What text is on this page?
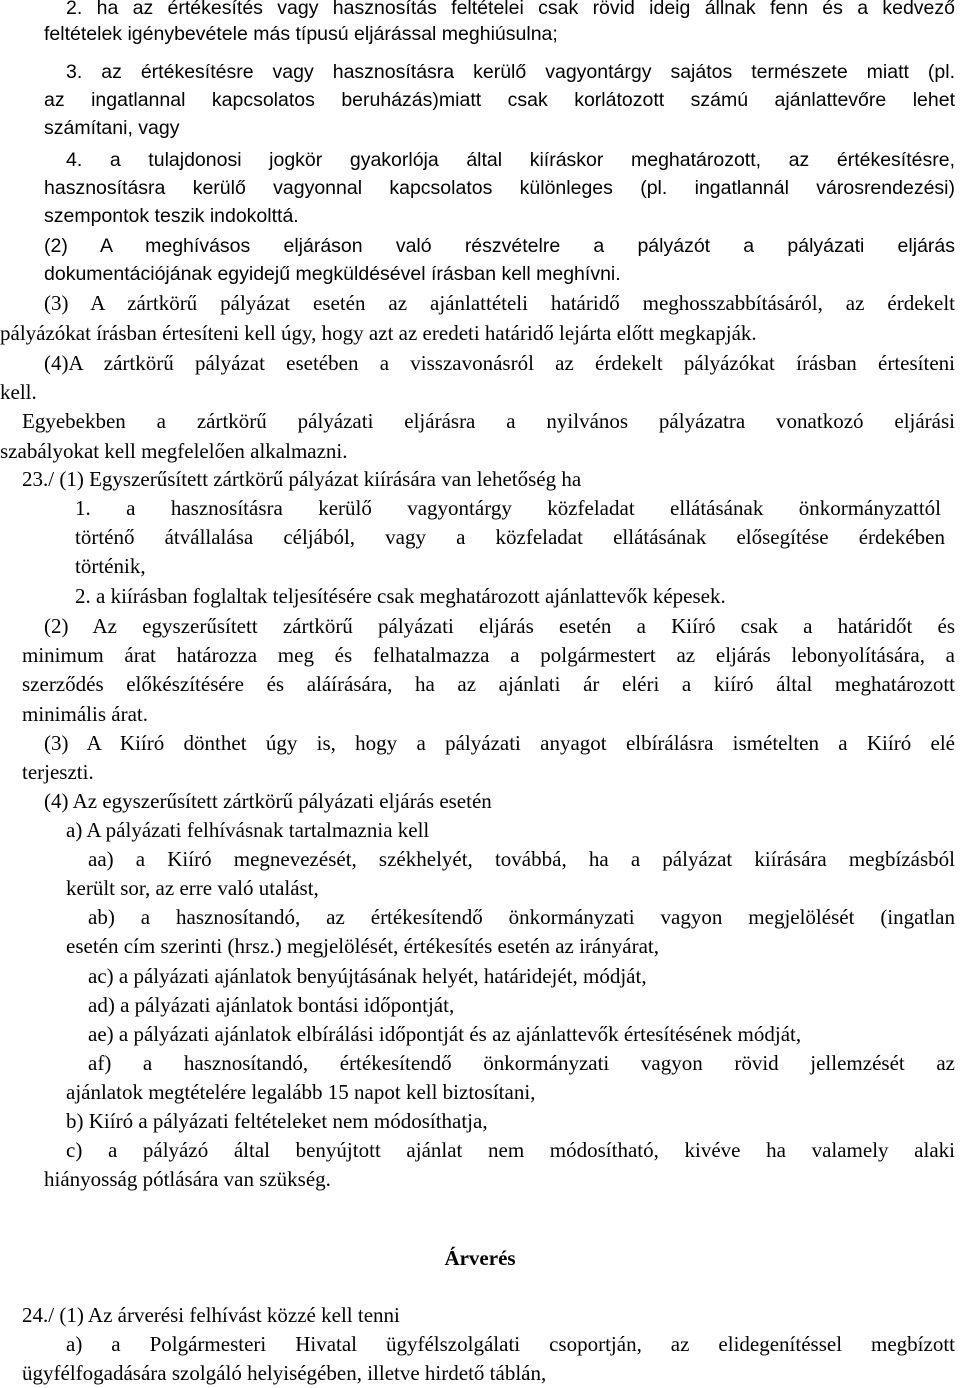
2. ha az értékesítés vagy hasznosítás feltételei csak rövid ideig állnak fenn és a kedvező
feltételek igénybevétele más típusú eljárással meghiúsulna;
3. az értékesítésre vagy hasznosításra kerülő vagyontárgy sajátos természete miatt (pl.
az ingatlannal kapcsolatos beruházás)miatt csak korlátozott számú ajánlattevőre lehet
számítani, vagy
4. a tulajdonosi jogkör gyakorlója által kiíráskor meghatározott, az értékesítésre,
hasznosításra kerülő vagyonnal kapcsolatos különleges (pl. ingatlannál városrendezési)
szempontok teszik indokolttá.
(2) A meghívásos eljáráson való részvételre a pályázót a pályázati eljárás
dokumentációjának egyidejű megküldésével írásban kell meghívni.
(3) A zártkörű pályázat esetén az ajánlattételi határidő meghosszabbításáról, az érdekelt
pályázókat írásban értesíteni kell úgy, hogy azt az eredeti határidő lejárta előtt megkapják.
(4)A zártkörű pályázat esetében a visszavonásról az érdekelt pályázókat írásban értesíteni
kell.
Egyebekben a zártkörű pályázati eljárásra a nyilvános pályázatra vonatkozó eljárási
szabályokat kell megfelelően alkalmazni.
23./ (1) Egyszerűsített zártkörű pályázat kiírására van lehetőség ha
1. a hasznosításra kerülő vagyontárgy közfeladat ellátásának önkormányzattól
történő átvállalása céljából, vagy a közfeladat ellátásának elősegítése érdekében
történik,
2. a kiírásban foglaltak teljesítésére csak meghatározott ajánlattevők képesek.
(2) Az egyszerűsített zártkörű pályázati eljárás esetén a Kiíró csak a határidőt és
minimum árat határozza meg és felhatalmazza a polgármestert az eljárás lebonyolítására, a
szerződés előkészítésére és aláírására, ha az ajánlati ár eléri a kiíró által meghatározott
minimális árat.
(3) A Kiíró dönthet úgy is, hogy a pályázati anyagot elbírálásra ismételten a Kiíró elé
terjeszti.
(4) Az egyszerűsített zártkörű pályázati eljárás esetén
a) A pályázati felhívásnak tartalmaznia kell
aa) a Kiíró megnevezését, székhelyét, továbbá, ha a pályázat kiírására megbízásból
került sor, az erre való utalást,
ab) a hasznosítandó, az értékesítendő önkormányzati vagyon megjelölését (ingatlan
esetén cím szerinti (hrsz.) megjelölését, értékesítés esetén az irányárat,
ac) a pályázati ajánlatok benyújtásának helyét, határidejét, módját,
ad) a pályázati ajánlatok bontási időpontját,
ae) a pályázati ajánlatok elbírálási időpontját és az ajánlattevők értesítésének módját,
af) a hasznosítandó, értékesítendő önkormányzati vagyon rövid jellemzését az
ajánlatok megtételére legalább 15 napot kell biztosítani,
b) Kiíró a pályázati feltételeket nem módosíthatja,
c) a pályázó által benyújtott ajánlat nem módosítható, kivéve ha valamely alaki
hiányosság pótlására van szükség.
Árverés
24./ (1) Az árverési felhívást közzé kell tenni
a) a Polgármesteri Hivatal ügyfélszolgálati csoportján, az elidegenítéssel megbízott
ügyfélfogadására szolgáló helyiségében, illetve hirdető táblán,
